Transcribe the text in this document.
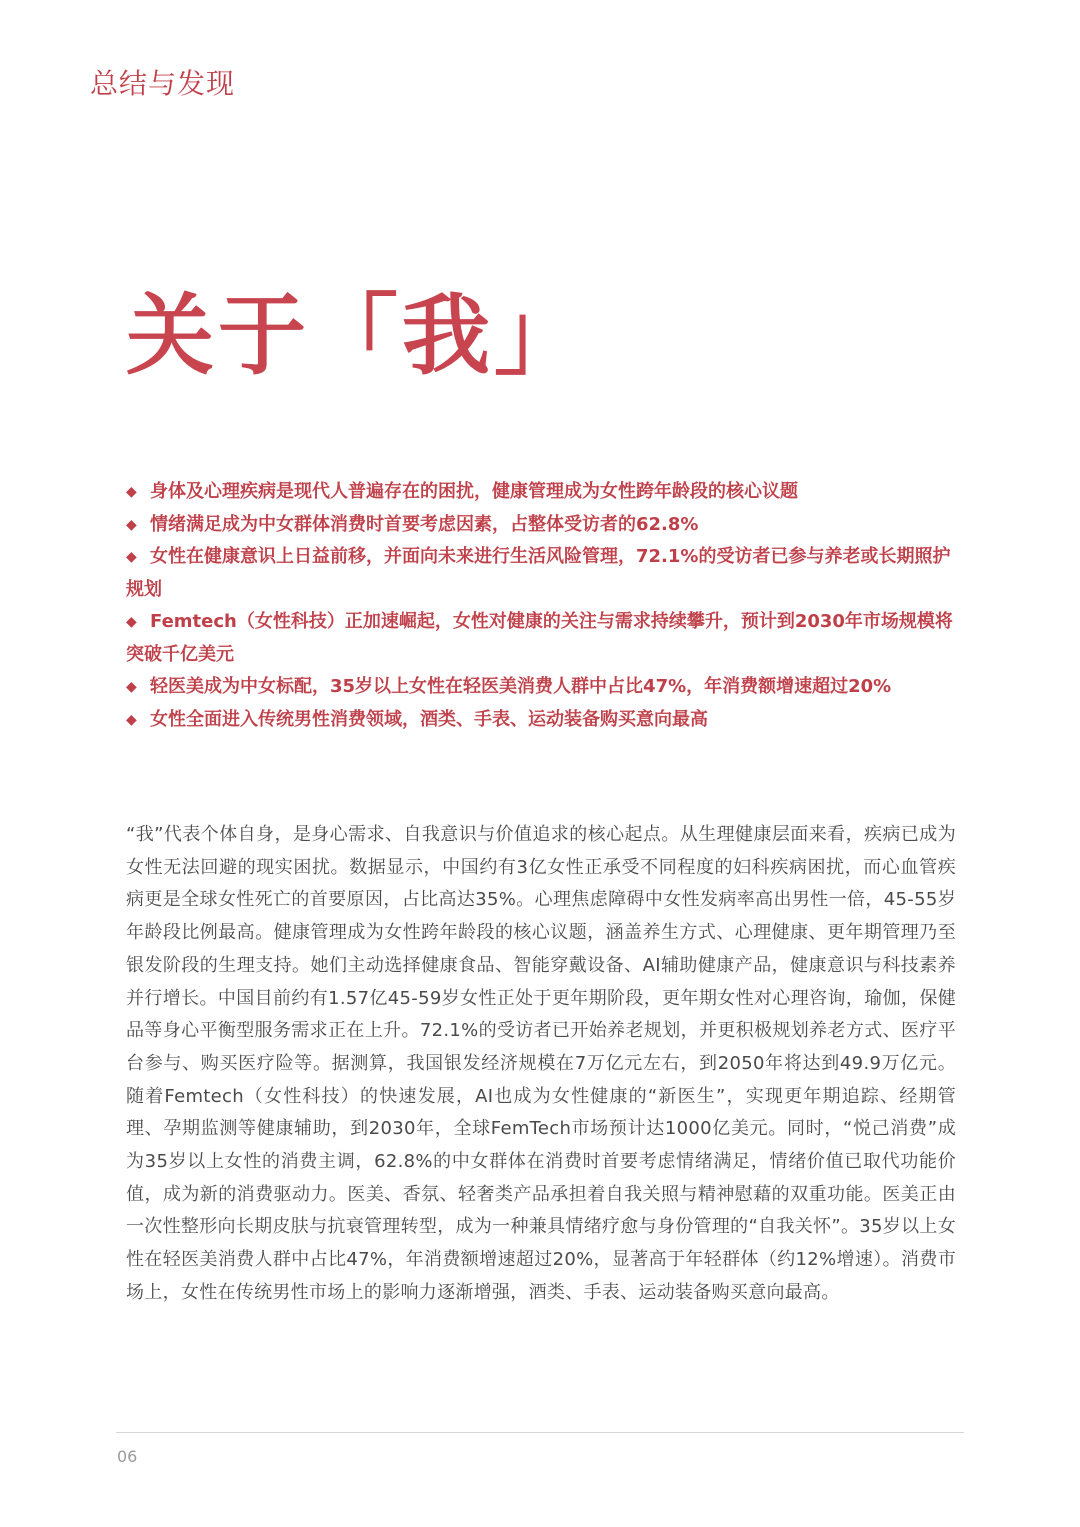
总结与发现
关于「我」
◆ 身体及心理疾病是现代人普遍存在的困扰，健康管理成为女性跨年龄段的核心议题
◆ 情绪满足成为中女群体消费时首要考虑因素，占整体受访者的62.8%
◆ 女性在健康意识上日益前移，并面向未来进行生活风险管理，72.1%的受访者已参与养老或长期照护规划
◆ Femtech（女性科技）正加速崛起，女性对健康的关注与需求持续攀升，预计到2030年市场规模将突破千亿美元
◆ 轻医美成为中女标配，35岁以上女性在轻医美消费人群中占比47%，年消费额增速超过20%
◆ 女性全面进入传统男性消费领域，酒类、手表、运动装备购买意向最高

“我”代表个体自身，是身心需求、自我意识与价值追求的核心起点。从生理健康层面来看，疾病已成为女性无法回避的现实困扰。数据显示，中国约有3亿女性正承受不同程度的妇科疾病困扰，而心血管疾病更是全球女性死亡的首要原因，占比高达35%。心理焦虑障碍中女性发病率高出男性一倍，45-55岁年龄段比例最高。健康管理成为女性跨年龄段的核心议题，涵盖养生方式、心理健康、更年期管理乃至银发阶段的生理支持。她们主动选择健康食品、智能穿戴设备、AI辅助健康产品，健康意识与科技素养并行增长。中国目前约有1.57亿45-59岁女性正处于更年期阶段，更年期女性对心理咨询，瑜伽，保健品等身心平衡型服务需求正在上升。72.1%的受访者已开始养老规划，并更积极规划养老方式、医疗平台参与、购买医疗险等。据测算，我国银发经济规模在7万亿元左右，到2050年将达到49.9万亿元。随着Femtech（女性科技）的快速发展，AI也成为女性健康的“新医生”，实现更年期追踪、经期管理、孕期监测等健康辅助，到2030年，全球FemTech市场预计达1000亿美元。同时，“悦己消费”成为35岁以上女性的消费主调，62.8%的中女群体在消费时首要考虑情绪满足，情绪价值已取代功能价值，成为新的消费驱动力。医美、香氛、轻奢类产品承担着自我关照与精神慰藉的双重功能。医美正由一次性整形向长期皮肤与抗衰管理转型，成为一种兼具情绪疗愈与身份管理的“自我关怀”。35岁以上女性在轻医美消费人群中占比47%，年消费额增速超过20%，显著高于年轻群体（约12%增速）。消费市场上，女性在传统男性市场上的影响力逐渐增强，酒类、手表、运动装备购买意向最高。

06
